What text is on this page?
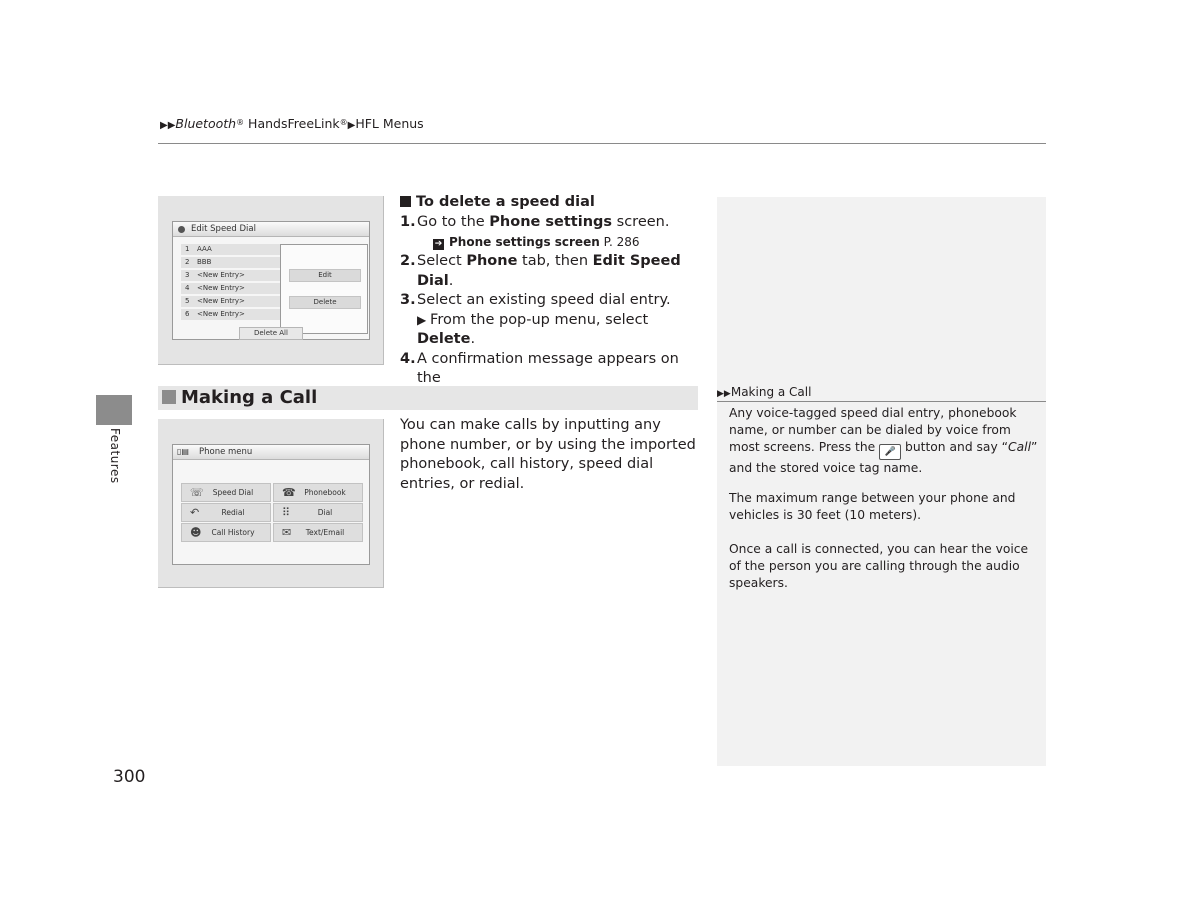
▶▶Bluetooth® HandsFreeLink®▶HFL Menus
Features
300
Edit Speed Dial
1 AAA
2 BBB
3 <New Entry>
4 <New Entry>
5 <New Entry>
6 <New Entry>
Edit
Delete
Delete All
To delete a speed dial
1. Go to the Phone settings screen.
➔ Phone settings screen P. 286
2. Select Phone tab, then Edit Speed Dial.
3. Select an existing speed dial entry.
▶ From the pop-up menu, select Delete.
4. A confirmation message appears on the

Making a Call
▯▤ Phone menu
☏	Speed Dial	☎	Phonebook
↶	Redial	⠿	Dial
☻	Call History	✉	Text/Email
You can make calls by inputting any phone number, or by using the imported phonebook, call history, speed dial entries, or redial.
▶▶Making a Call
Any voice-tagged speed dial entry, phonebook name, or number can be dialed by voice from most screens. Press the 🎤 button and say “Call” and the stored voice tag name.
The maximum range between your phone and vehicles is 30 feet (10 meters).
Once a call is connected, you can hear the voice of the person you are calling through the audio speakers.
